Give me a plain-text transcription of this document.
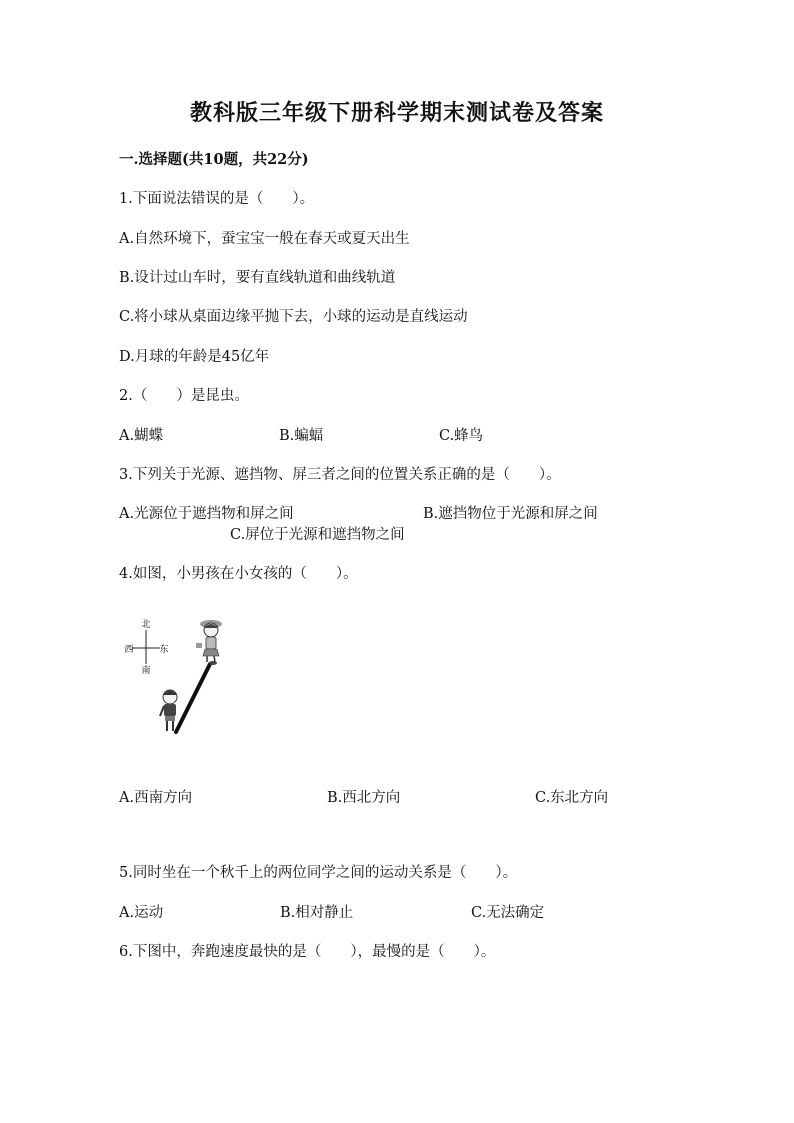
教科版三年级下册科学期末测试卷及答案
一.选择题(共10题，共22分)
1.下面说法错误的是（　　）。
A.自然环境下，蚕宝宝一般在春天或夏天出生
B.设计过山车时，要有直线轨道和曲线轨道
C.将小球从桌面边缘平抛下去，小球的运动是直线运动
D.月球的年龄是45亿年
2.（　　）是昆虫。
A.蝴蝶	B.蝙蝠	C.蜂鸟
3.下列关于光源、遮挡物、屏三者之间的位置关系正确的是（　　）。
A.光源位于遮挡物和屏之间	B.遮挡物位于光源和屏之间
C.屏位于光源和遮挡物之间
4.如图，小男孩在小女孩的（　　）。
北
南
西	东
A.西南方向	B.西北方向	C.东北方向
5.同时坐在一个秋千上的两位同学之间的运动关系是（　　）。
A.运动	B.相对静止	C.无法确定
6.下图中，奔跑速度最快的是（　　），最慢的是（　　）。
